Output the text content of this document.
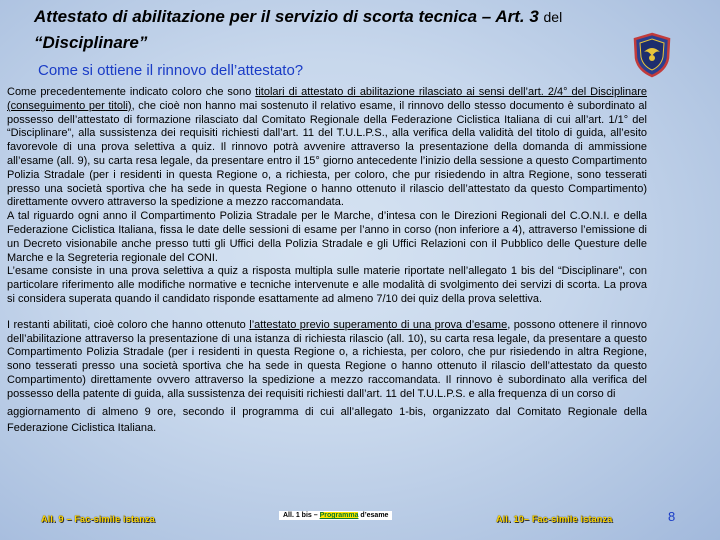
Attestato di abilitazione per il servizio di scorta tecnica – Art. 3 del
“Disciplinare”
Come si ottiene il rinnovo dell’attestato?

Come precedentemente indicato coloro che sono titolari di attestato di abilitazione rilasciato ai sensi dell’art. 2/4° del Disciplinare (conseguimento per titoli), che cioè non hanno mai sostenuto il relativo esame, il rinnovo dello stesso documento è subordinato al possesso dell’attestato di formazione rilasciato dal Comitato Regionale della Federazione Ciclistica Italiana di cui all’art. 1/1° del “Disciplinare”, alla sussistenza dei requisiti richiesti dall’art. 11 del T.U.L.P.S., alla verifica della validità del titolo di guida, all’esito favorevole di una prova selettiva a quiz. Il rinnovo potrà avvenire attraverso la presentazione della domanda di ammissione all’esame (all. 9), su carta resa legale, da presentare entro il 15° giorno antecedente l’inizio della sessione a questo Compartimento Polizia Stradale (per i residenti in questa Regione o, a richiesta, per coloro, che pur risiedendo in altra Regione, sono tesserati presso una società sportiva che ha sede in questa Regione o hanno ottenuto il rilascio dell’attestato da questo Compartimento) direttamente ovvero attraverso la spedizione a mezzo raccomandata.

A tal riguardo ogni anno il Compartimento Polizia Stradale per le Marche, d’intesa con le Direzioni Regionali del C.O.N.I. e della Federazione Ciclistica Italiana, fissa le date delle sessioni di esame per l’anno in corso (non inferiore a 4), attraverso l’emissione di un Decreto visionabile anche presso tutti gli Uffici della Polizia Stradale e gli Uffici Relazioni con il Pubblico delle Questure delle Marche e la Segreteria regionale del CONI.

L’esame consiste in una prova selettiva a quiz a risposta multipla sulle materie riportate nell’allegato 1 bis del “Disciplinare”, con particolare riferimento alle modifiche normative e tecniche intervenute e alle modalità di svolgimento dei servizi di scorta. La prova si considera superata quando il candidato risponde esattamente ad almeno 7/10 dei quiz della prova selettiva.

I restanti abilitati, cioè coloro che hanno ottenuto l’attestato previo superamento di una prova d’esame, possono ottenere il rinnovo dell’abilitazione attraverso la presentazione di una istanza di richiesta rilascio (all. 10), su carta resa legale, da presentare a questo Compartimento Polizia Stradale (per i residenti in questa Regione o, a richiesta, per coloro, che pur risiedendo in altra Regione, sono tesserati presso una società sportiva che ha sede in questa Regione o hanno ottenuto il rilascio dell’attestato da questo Compartimento) direttamente ovvero attraverso la spedizione a mezzo raccomandata. Il rinnovo è subordinato alla verifica del possesso della patente di guida, alla sussistenza dei requisiti richiesti dall’art. 11 del T.U.L.P.S. e alla frequenza di un corso di

aggiornamento di almeno 9 ore, secondo il programma di cui all’allegato 1-bis, organizzato dal Comitato Regionale della Federazione Ciclistica Italiana.

All. 9 – Fac-simile istanza	All. 1 bis – Programma d’esame	All. 10– Fac-simile istanza	8
